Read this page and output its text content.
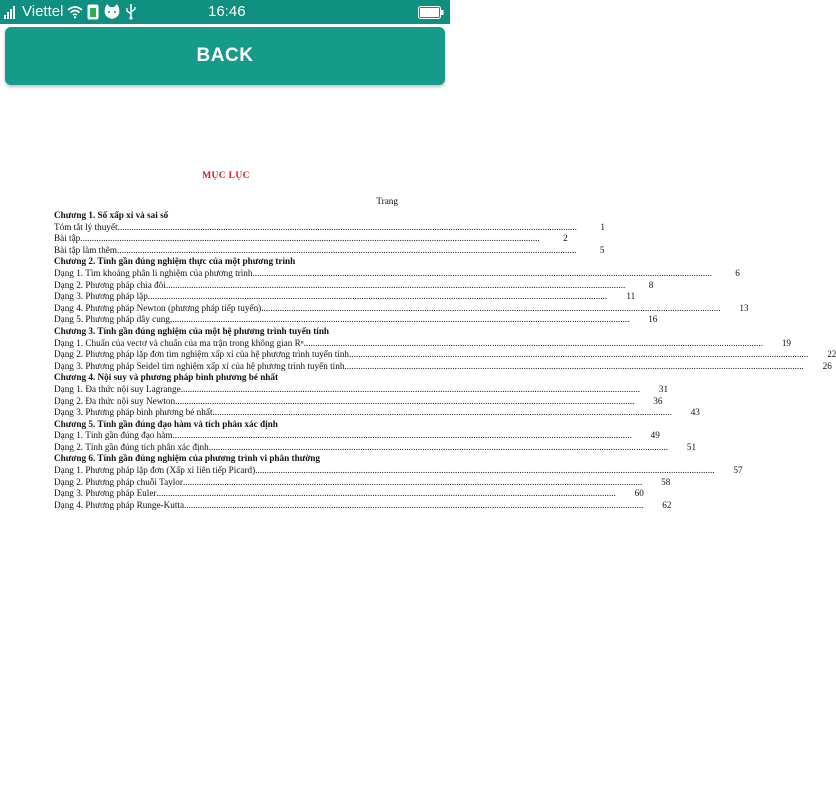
Viettel	16:46
BACK
MỤC LỤC
Trang
Chương 1. Số xấp xỉ và sai số
Tóm tắt lý thuyết ........................................................................................................................................................................................................	1
Bài tập ........................................................................................................................................................................................................	2
Bài tập làm thêm ........................................................................................................................................................................................................	5
Chương 2. Tính gần đúng nghiệm thực của một phương trình
Dạng 1. Tìm khoảng phân li nghiệm của phương trình ........................................................................................................................................................................................................	6
Dạng 2. Phương pháp chia đôi ........................................................................................................................................................................................................	8
Dạng 3. Phương pháp lặp ........................................................................................................................................................................................................	11
Dạng 4. Phương pháp Newton (phương pháp tiếp tuyến) ........................................................................................................................................................................................................	13
Dạng 5. Phương pháp dây cung ........................................................................................................................................................................................................	16
Chương 3. Tính gần đúng nghiệm của một hệ phương trình tuyến tính
Dạng 1. Chuẩn của vectơ và chuẩn của ma trận trong không gian Rⁿ ........................................................................................................................................................................................................	19
Dạng 2. Phương pháp lặp đơn tìm nghiệm xấp xỉ của hệ phương trình tuyến tính ........................................................................................................................................................................................................	22
Dạng 3. Phương pháp Seidel tìm nghiệm xấp xỉ của hệ phương trình tuyến tính ........................................................................................................................................................................................................	26
Chương 4. Nội suy và phương pháp bình phương bé nhất
Dạng 1. Đa thức nội suy Lagrange ........................................................................................................................................................................................................	31
Dạng 2. Đa thức nội suy Newton ........................................................................................................................................................................................................	36
Dạng 3. Phương pháp bình phương bé nhất ........................................................................................................................................................................................................	43
Chương 5. Tính gần đúng đạo hàm và tích phân xác định
Dạng 1. Tính gần đúng đạo hàm ........................................................................................................................................................................................................	49
Dạng 2. Tính gần đúng tích phân xác định ........................................................................................................................................................................................................	51
Chương 6. Tính gần đúng nghiệm của phương trình vi phân thường
Dạng 1. Phương pháp lặp đơn (Xấp xỉ liên tiếp Picard) ........................................................................................................................................................................................................	57
Dạng 2. Phương pháp chuỗi Taylor ........................................................................................................................................................................................................	58
Dạng 3. Phương pháp Euler ........................................................................................................................................................................................................	60
Dạng 4. Phương pháp Runge-Kutta ........................................................................................................................................................................................................	62
